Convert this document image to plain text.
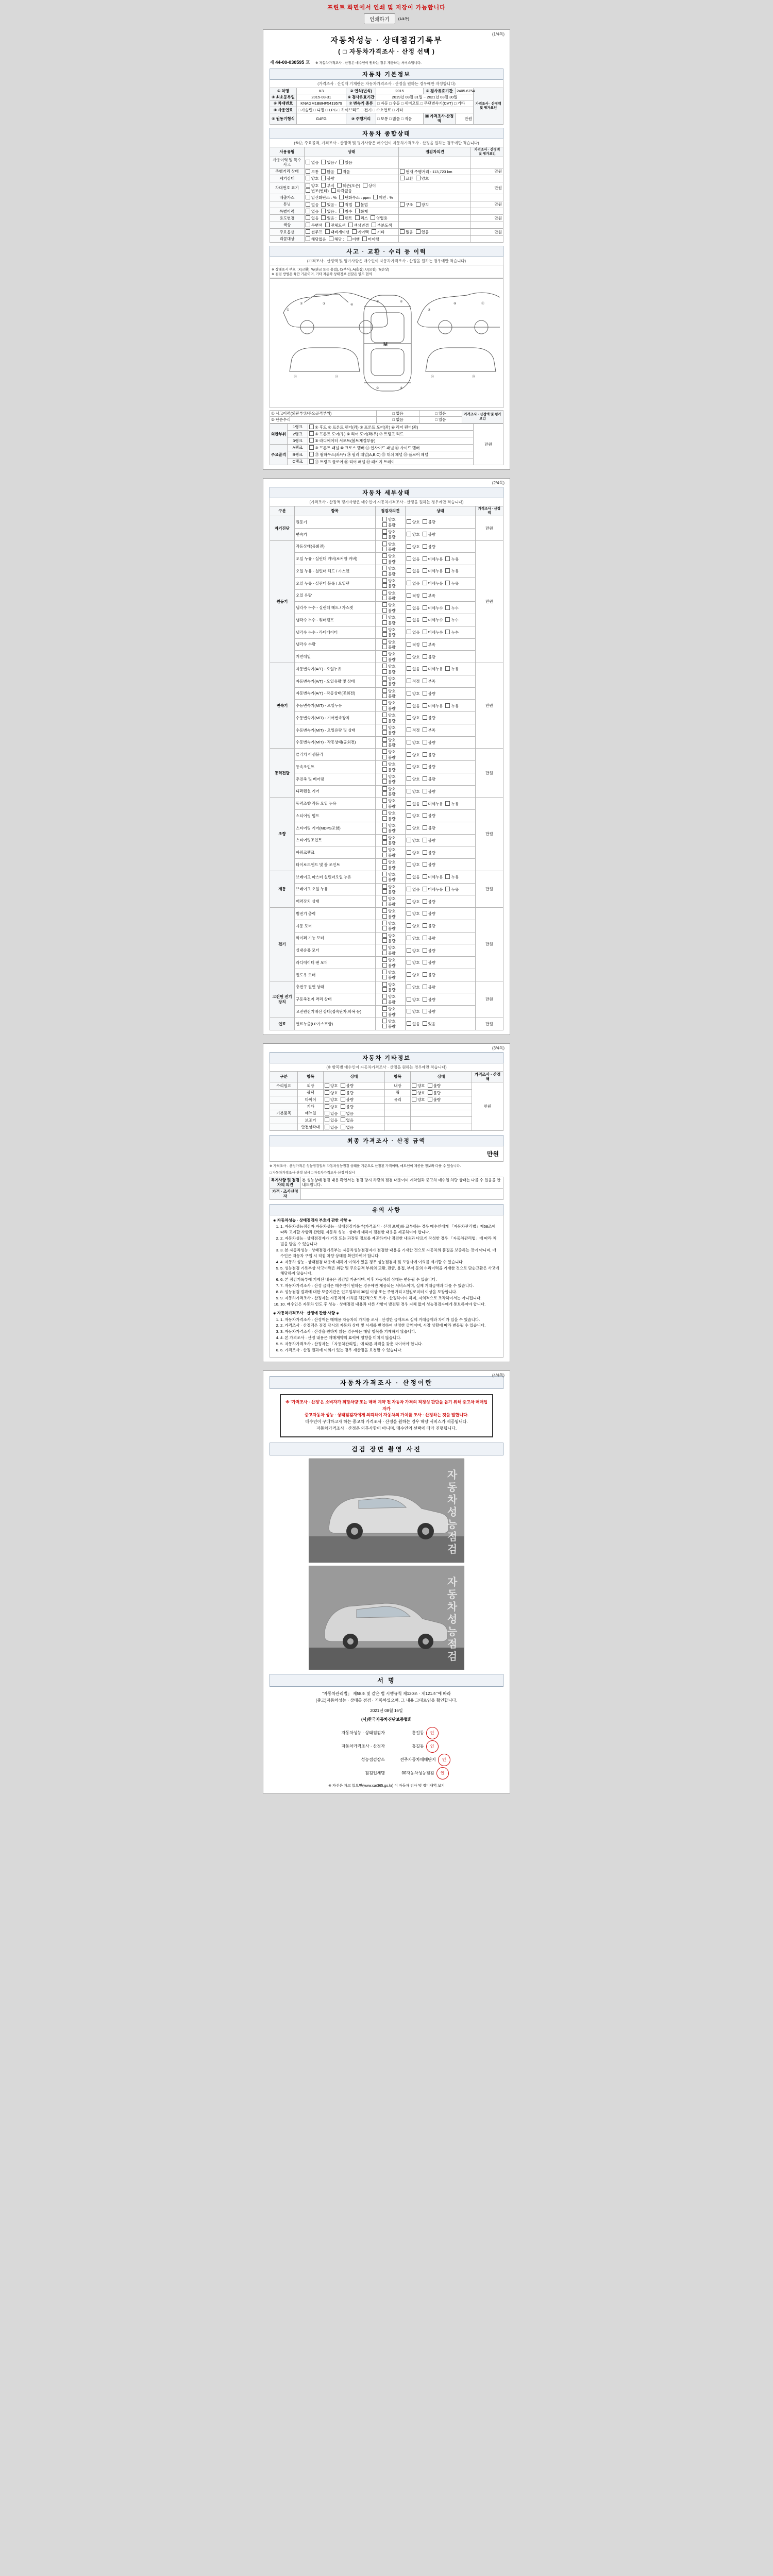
프린트 화면에서 인쇄 및 저장이 가능합니다
인쇄하기	(1/4쪽)
(1/4쪽)
자동차성능 · 상태점검기록부
( □ 자동차가격조사 · 산정 선택 )
제 44-00-030595 호 ※ 자동차가격조사 · 산정은 매수인이 원하는 경우 계공하는 서비스입니다.
자동차 기본정보
(가격조사 · 산정액 기재란은 자동차가격조사 · 산정을 원하는 경우에만 작성합니다)
① 차명	K3	② 연식(년식)	2015	③ 검사유효기간	2405.6754	가격조사 · 산정액 및 평가요인
④ 최초등록일	2015-08-31	⑤ 검사유효기간	2019년 08월 31일 ~ 2021년 08월 30일			
⑥ 차대번호	KNAGM1BBHF5419579	⑦ 변속기 종류	□ 자동 □ 수동 □ 세미오토 □ 무단변속기(CVT) □ 기타			
⑧ 사용연료	□ 가솔린 □ 디젤 □ LPG □ 하이브리드 □ 전기 □ 수소연료 □ 기타					
⑨ 원동기형식	G4FG	⑩ 주행거리	□ 보통 □ 많음 □ 적음	⑪ 가격조사·산정액	만원	
자동차 종합상태
(※⑫, 주요골격, 가격조사 · 산정액 및 평가사항은 매수인이 자동차가격조사 · 산정을 원하는 경우에만 적습니다)
사용유형	상태	점검자의견	가격조사 · 산정액 및 평가요인
사용이력 및 특수사고	없음 있음 / 있음		
주행거리 상태	보통 많음 적음	현재 주행거리 : 113,723 km	만원
계기상태	양호 불량	교환 양호	
차대번호 표기	양호 부식 훼손(오손) 상이변조(변타) 타각없음		만원
배출가스	일산화탄소 : % 탄화수소 : ppm 매연 : %		
튜닝	없음 있음 : 적법 불법	구조 장치	만원
특별이력	없음 있음 : 침수 화재		
용도변경	없음 있음 : 렌트 리스 영업용		만원
색상	무변색 전체도색 색상변경 부분도색		
주요옵션	썬루프 내비게이션 에어백 기타	없음 있음	만원
리콜대상	해당없음 해당 : 이행 미이행		
사고 · 교환 · 수리 등 이력
(가격조사 · 산정액 및 평가사항은 매수인이 자동차가격조사 · 산정을 원하는 경우에만 적습니다)
※ 상태표시 부호 : X(교환), W(판금 또는 용접), C(부식), A(흠집), U(요철), T(손상)
※ 점검 방법은 육안 기준이며, 기타 자동차 상태정보 전달은 별도 협의
M
①
②	③	④
⑤	⑥
⑦	⑧
⑨
⑩	⑪
⑫	⑬	⑭	⑮
① 사고이력(외판부위/주요골격부위)	□ 없음	□ 있음	가격조사 · 산정액 및 평가요인
② 단순수리	□ 없음	□ 있음	
외판부위	1랭크	① 후드 ② 프론트 펜더(좌) ③ 프론트 도어(좌) ④ 리어 펜더(좌)	만원
	2랭크	⑤ 프론트 도어(우) ⑥ 리어 도어(좌/우) ⑦ 트렁크 리드	
	3랭크	⑧ 라디에이터 서포트(볼트체결부품)	
주요골격	A랭크	⑨ 프론트 패널 ⑩ 크로스 멤버 ⑪ 인사이드 패널 ⑫ 사이드 멤버	
	B랭크	⑬ 휠하우스(좌/우) ⑭ 필러 패널(A,B,C) ⑮ 대쉬 패널 ⑯ 플로어 패널	
	C랭크	⑰ 트렁크 플로어 ⑱ 리어 패널 ⑲ 패키지 트레이	
(2/4쪽)
자동차 세부상태
(가격조사 · 산정액 평가사항은 매수인이 자동차가격조사 · 산정을 원하는 경우에만 적습니다)
구분	항목	점검자의견	상태	가격조사 · 산정액
자기진단	원동기	양호불량	양호 불량	만원
	변속기	양호불량	양호 불량	
원동기	작동상태(공회전)	양호불량	양호 불량	만원
	오일 누유 - 실린더 커버(로커암 커버)	양호불량	없음 미세누유 누유	
	오일 누유 - 실린더 헤드 / 가스켓	양호불량	없음 미세누유 누유	
	오일 누유 - 실린더 블록 / 오일팬	양호불량	없음 미세누유 누유	
	오일 유량	양호불량	적정 부족	
	냉각수 누수 - 실린더 헤드 / 가스켓	양호불량	없음 미세누수 누수	
	냉각수 누수 - 워터펌프	양호불량	없음 미세누수 누수	
	냉각수 누수 - 라디에이터	양호불량	없음 미세누수 누수	
	냉각수 수량	양호불량	적정 부족	
	커먼레일	양호불량	양호 불량	
변속기	자동변속기(A/T) - 오일누유	양호불량	없음 미세누유 누유	만원
	자동변속기(A/T) - 오일유량 및 상태	양호불량	적정 부족	
	자동변속기(A/T) - 작동상태(공회전)	양호불량	양호 불량	
	수동변속기(M/T) - 오일누유	양호불량	없음 미세누유 누유	
	수동변속기(M/T) - 기어변속장치	양호불량	양호 불량	
	수동변속기(M/T) - 오일유량 및 상태	양호불량	적정 부족	
	수동변속기(M/T) - 작동상태(공회전)	양호불량	양호 불량	
동력전달	클러치 어셈블리	양호불량	양호 불량	만원
	등속조인트	양호불량	양호 불량	
	추진축 및 베어링	양호불량	양호 불량	
	디퍼렌셜 기어	양호불량	양호 불량	
조향	동력조향 작동 오일 누유	양호불량	없음 미세누유 누유	만원
	스티어링 펌프	양호불량	양호 불량	
	스티어링 기어(MDPS포함)	양호불량	양호 불량	
	스티어링조인트	양호불량	양호 불량	
	파워크랭크	양호불량	양호 불량	
	타이로드엔드 및 볼 조인트	양호불량	양호 불량	
제동	브레이크 마스터 실린더오일 누유	양호불량	없음 미세누유 누유	만원
	브레이크 오일 누유	양호불량	없음 미세누유 누유	
	배력장치 상태	양호불량	양호 불량	
전기	발전기 출력	양호불량	양호 불량	만원
	시동 모터	양호불량	양호 불량	
	와이퍼 기능 모터	양호불량	양호 불량	
	실내송풍 모터	양호불량	양호 불량	
	라디에이터 팬 모터	양호불량	양호 불량	
	윈도우 모터	양호불량	양호 불량	
고전원 전기장치	충전구 절연 상태	양호불량	양호 불량	만원
	구동축전지 격리 상태	양호불량	양호 불량	
	고전원전기배선 상태(접속단자,피복 등)	양호불량	양호 불량	
연료	연료누출(LP가스포함)	양호불량	없음 있음	만원
(3/4쪽)
자동차 기타정보
(※ 항목별 매수인이 자동차가격조사 · 산정을 원하는 경우에만 적습니다)
구분	항목	상태	항목	상태	가격조사 · 산정액
수리필요	외장	양호 불량	내장	양호 불량	만원
	광택	양호 불량	휠	양호 불량	
	타이어	양호 불량	유리	양호 불량	
	기타	양호 불량			
기본품목	매뉴얼	있음 없음			
	보조키	있음 없음			
	안전삼각대	있음 없음			
최종 가격조사 · 산정 금액
만원
※ 가격조사 · 산정가격은 성능점검일의 자동차성능점검 상태를 기준으로 산정된 가격이며, 매도인이 제공한 정보와 다를 수 있습니다.
□ 자동차가격조사·산정 실시 □ 자동차가격조사·산정 미실시
특기사항 및 점검자의 의견	본 성능상태 점검 내용 확인서는 점검 당시 차량의 점검 내용이며 계약일과 중고차 매수일 차량 상태는 다를 수 있음을 안내드립니다.
가격 · 조사산정자	
유의 사항
◈ 자동차성능 · 상태점검자 부호에 관한 사항 ◈
1. 1. 자동차성능점검자 자동차성능 · 상태점검기록부(가격조사 · 산정 포함)를 교부하는 경우 매수인에게 「자동차관리법」제58조에 따라 고지할 사항과 관련된 자동차 성능 · 상태에 대하여 점검한 내용을 제공하여야 합니다.
2. 2. 자동차성능 · 상태점검자가 거짓 또는 과장된 정보를 제공하거나 점검한 내용과 다르게 작성한 경우 「자동차관리법」에 따라 처벌을 받을 수 있습니다.
3. 3. 본 자동차성능 · 상태점검기록부는 자동차성능점검자가 점검한 내용을 기재한 것으로 자동차의 품질을 보증하는 것이 아니며, 매수인은 자동차 구입 시 직접 차량 상태를 확인하여야 합니다.
4. 4. 자동차 성능 · 상태점검 내용에 대하여 이의가 있을 경우 성능점검자 및 보험사에 이의를 제기할 수 있습니다.
5. 5. 성능점검 기록부상 사고이력은 외판 및 주요골격 부위의 교환, 판금, 용접, 부식 등의 수리이력을 기재한 것으로 단순교환은 사고에 해당하지 않습니다.
6. 6. 본 점검기록부에 기재된 내용은 점검일 기준이며, 이후 자동차의 상태는 변동될 수 있습니다.
7. 7. 자동차가격조사 · 산정 금액은 매수인이 원하는 경우에만 제공되는 서비스이며, 실제 거래금액과 다를 수 있습니다.
8. 8. 성능점검 결과에 대한 보증기간은 인도일부터 30일 이상 또는 주행거리 2천킬로미터 이상을 보장합니다.
9. 9. 자동차가격조사 · 산정자는 자동차의 가치를 객관적으로 조사 · 산정하여야 하며, 자의적으로 조작하여서는 아니됩니다.
10. 10. 매수인은 자동차 인도 후 성능 · 상태점검 내용과 다른 사항이 발견된 경우 지체 없이 성능점검자에게 통보하여야 합니다.
◈ 자동차가격조사 · 산정에 관한 사항 ◈
1. 1. 자동차가격조사 · 산정액은 매매용 자동차의 가치를 조사 · 산정한 금액으로 실제 거래금액과 차이가 있을 수 있습니다.
2. 2. 가격조사 · 산정액은 점검 당시의 자동차 상태 및 시세를 반영하여 산정한 금액이며, 시장 상황에 따라 변동될 수 있습니다.
3. 3. 자동차가격조사 · 산정을 원하지 않는 경우에는 해당 항목을 기재하지 않습니다.
4. 4. 본 가격조사 · 산정 내용은 매매계약의 효력에 영향을 미치지 않습니다.
5. 5. 자동차가격조사 · 산정자는 「자동차관리법」에 따른 자격을 갖춘 자이어야 합니다.
6. 6. 가격조사 · 산정 결과에 이의가 있는 경우 재산정을 요청할 수 있습니다.
(4/4쪽)
자동차가격조사 · 산정이란
※ '가격조사 · 산정'은 소비자가 희망차량 또는 매매 계약 전 자동차 가격의 적정성 판단을 돕기 위해 중고차 매매업자가
중고자동차 성능 · 상태점검자에게 의뢰하여 자동차의 가치를 조사 · 산정하는 것을 말합니다.
매수인이 구매하고자 하는 중고차 가격조사 · 산정을 원하는 경우 해당 서비스가 제공됩니다.
자동차가격조사 · 산정은 의무사항이 아니며, 매수인의 선택에 따라 진행됩니다.
검검 장면 촬영 사진
자동차성능점검
자동차성능점검
서 명
"자동차관리법」 제58조 및 같은 법 시행규칙 제120조 · 제121조"에 따라
(중고)자동차성능 · 상태를 점검 · 기록하였으며, 그 내용 그대로임을 확인합니다.
2021년 08월 16일
(사)한국자동차진단보증협회
자동차성능 · 상태점검자	홍길동 인
자동차가격조사 · 산정자	홍길동 인
성능점검장소	전주자동차매매단지 인
점검업체명	00자동차성능점검 인
※ 자신은 차고 있으면(www.car365.go.kr) 이 자동차 검사 및 정비내역 보기
